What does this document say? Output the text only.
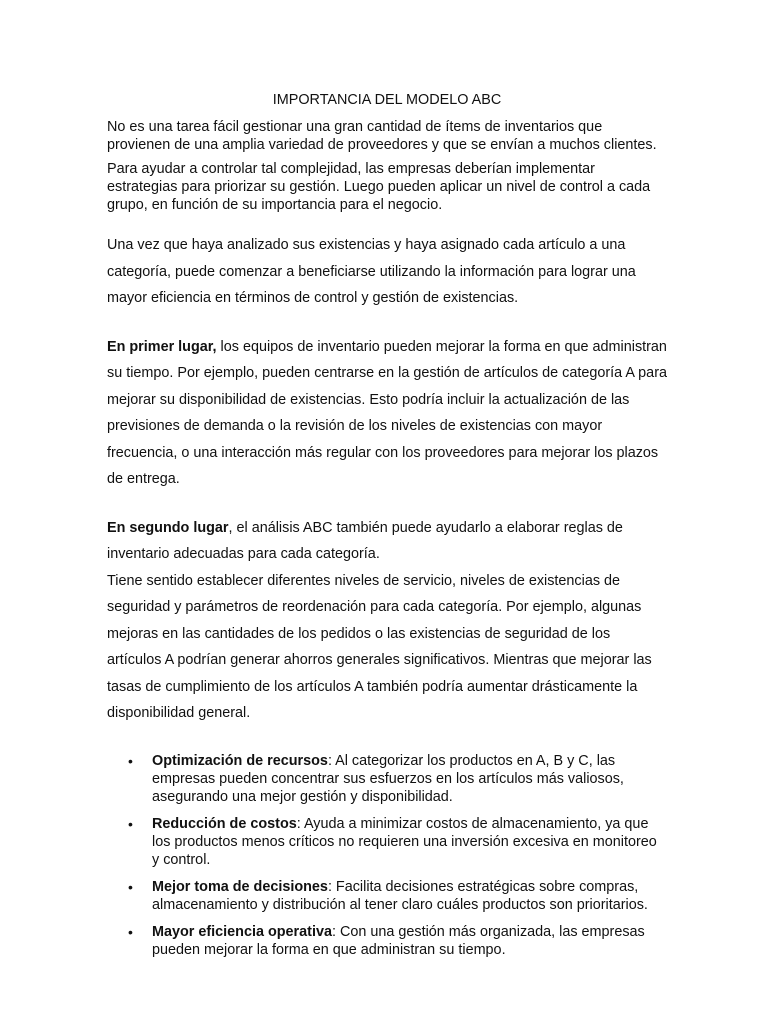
IMPORTANCIA DEL MODELO ABC

No es una tarea fácil gestionar una gran cantidad de ítems de inventarios que provienen de una amplia variedad de proveedores y que se envían a muchos clientes.

Para ayudar a controlar tal complejidad, las empresas deberían implementar estrategias para priorizar su gestión. Luego pueden aplicar un nivel de control a cada grupo, en función de su importancia para el negocio.

Una vez que haya analizado sus existencias y haya asignado cada artículo a una categoría, puede comenzar a beneficiarse utilizando la información para lograr una mayor eficiencia en términos de control y gestión de existencias.

En primer lugar, los equipos de inventario pueden mejorar la forma en que administran su tiempo. Por ejemplo, pueden centrarse en la gestión de artículos de categoría A para mejorar su disponibilidad de existencias. Esto podría incluir la actualización de las previsiones de demanda o la revisión de los niveles de existencias con mayor frecuencia, o una interacción más regular con los proveedores para mejorar los plazos de entrega.

En segundo lugar, el análisis ABC también puede ayudarlo a elaborar reglas de inventario adecuadas para cada categoría.

Tiene sentido establecer diferentes niveles de servicio, niveles de existencias de seguridad y parámetros de reordenación para cada categoría. Por ejemplo, algunas mejoras en las cantidades de los pedidos o las existencias de seguridad de los artículos A podrían generar ahorros generales significativos. Mientras que mejorar las tasas de cumplimiento de los artículos A también podría aumentar drásticamente la disponibilidad general.

• Optimización de recursos: Al categorizar los productos en A, B y C, las empresas pueden concentrar sus esfuerzos en los artículos más valiosos, asegurando una mejor gestión y disponibilidad.
• Reducción de costos: Ayuda a minimizar costos de almacenamiento, ya que los productos menos críticos no requieren una inversión excesiva en monitoreo y control.
• Mejor toma de decisiones: Facilita decisiones estratégicas sobre compras, almacenamiento y distribución al tener claro cuáles productos son prioritarios.
• Mayor eficiencia operativa: Con una gestión más organizada, las empresas pueden mejorar la forma en que administran su tiempo.
